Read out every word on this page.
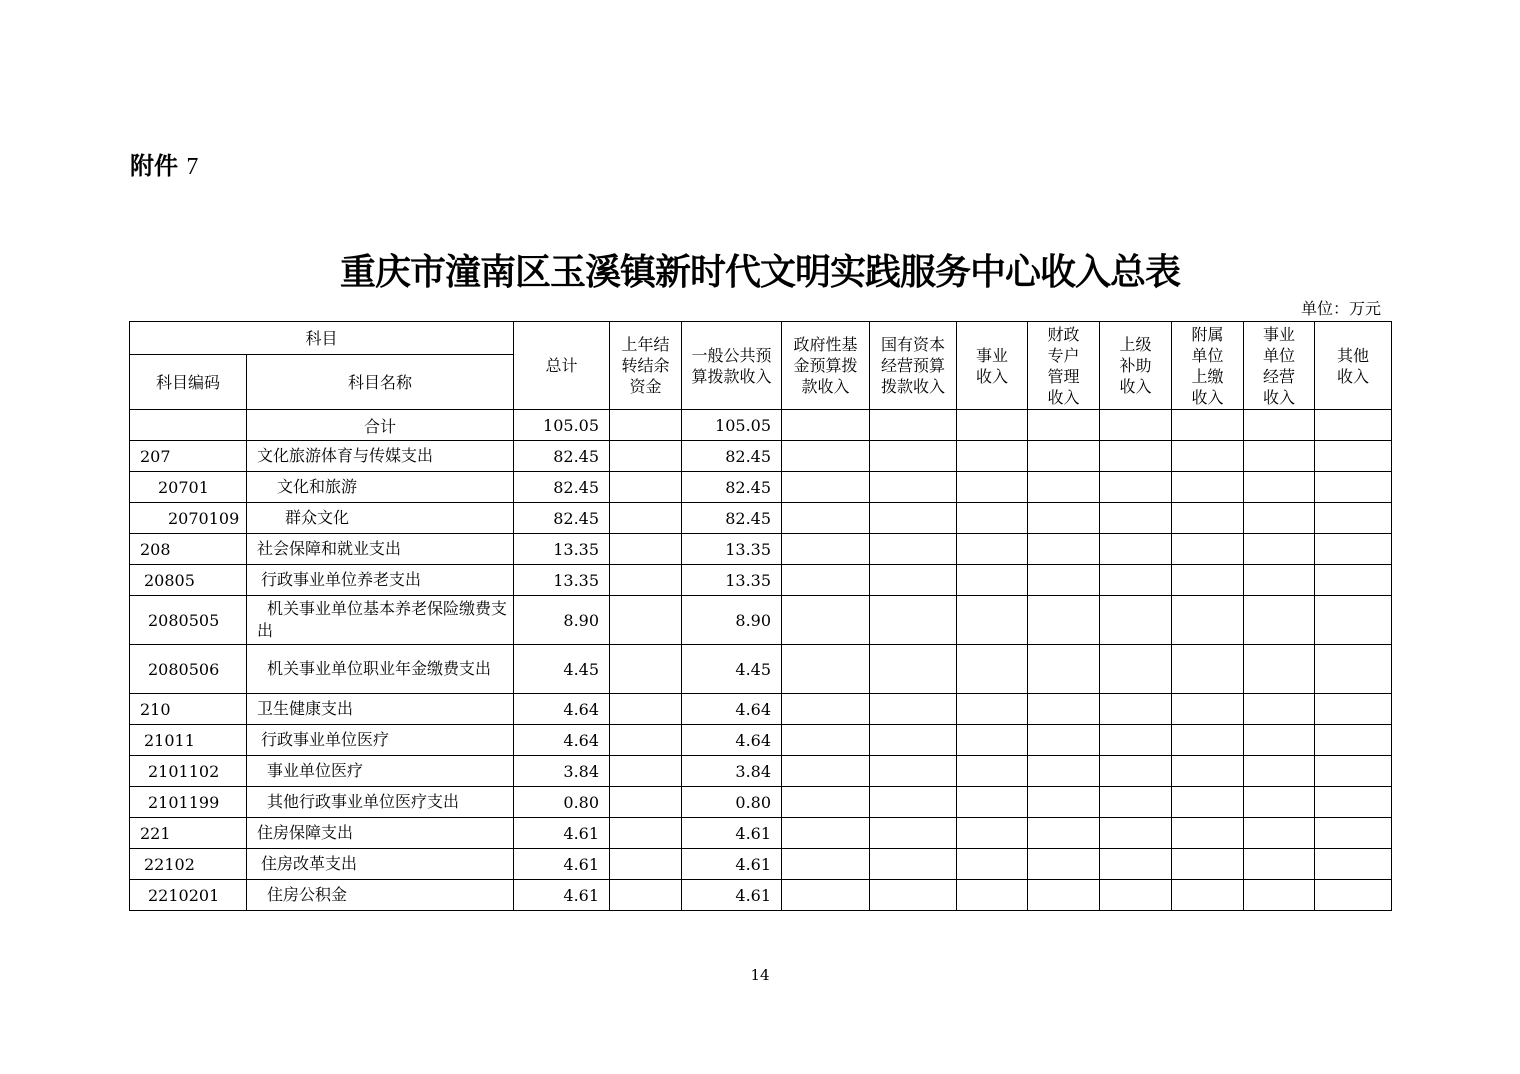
附件 7
重庆市潼南区玉溪镇新时代文明实践服务中心收入总表
单位：万元
科目		总计	上年结转结余资金	一般公共预算拨款收入	政府性基金预算拨款收入	国有资本经营预算拨款收入	事业收入	财政专户管理收入	上级补助收入	附属单位上缴收入	事业单位经营收入	其他收入

科目编码	科目名称											
	合计	105.05		105.05								
207	文化旅游体育与传媒支出	82.45		82.45								
20701	文化和旅游	82.45		82.45								
2070109	群众文化	82.45		82.45								
208	社会保障和就业支出	13.35		13.35								
20805	行政事业单位养老支出	13.35		13.35								
2080505	机关事业单位基本养老保险缴费支出	8.90		8.90								
2080506	机关事业单位职业年金缴费支出	4.45		4.45								
210	卫生健康支出	4.64		4.64								
21011	行政事业单位医疗	4.64		4.64								
2101102	事业单位医疗	3.84		3.84								
2101199	其他行政事业单位医疗支出	0.80		0.80								
221	住房保障支出	4.61		4.61								
22102	住房改革支出	4.61		4.61								
2210201	住房公积金	4.61		4.61								
14
